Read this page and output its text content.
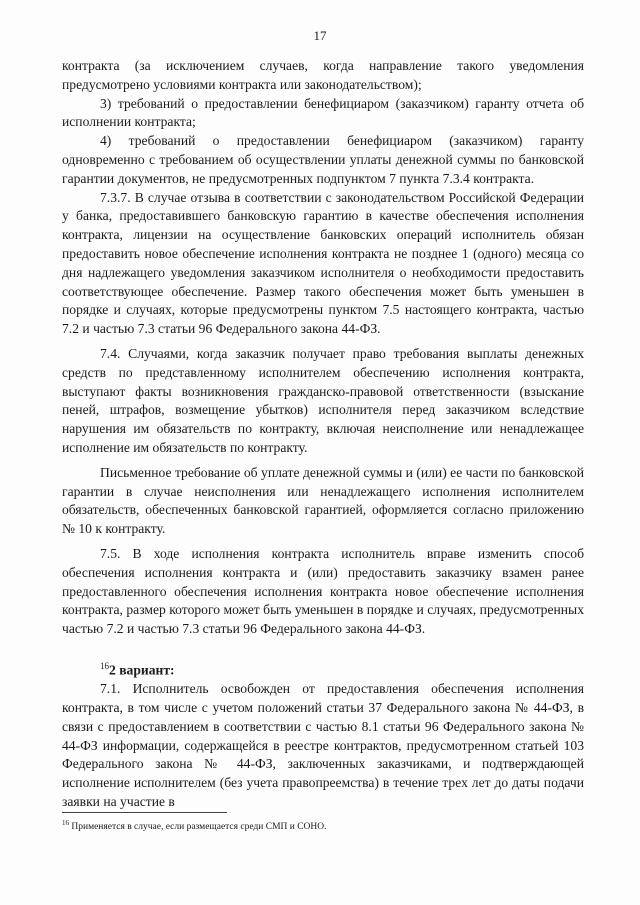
17

контракта (за исключением случаев, когда направление такого уведомления предусмотрено условиями контракта или законодательством);

3) требований о предоставлении бенефициаром (заказчиком) гаранту отчета об исполнении контракта;

4) требований о предоставлении бенефициаром (заказчиком) гаранту одновременно с требованием об осуществлении уплаты денежной суммы по банковской гарантии документов, не предусмотренных подпунктом 7 пункта 7.3.4 контракта.

7.3.7. В случае отзыва в соответствии с законодательством Российской Федерации у банка, предоставившего банковскую гарантию в качестве обеспечения исполнения контракта, лицензии на осуществление банковских операций исполнитель обязан предоставить новое обеспечение исполнения контракта не позднее 1 (одного) месяца со дня надлежащего уведомления заказчиком исполнителя о необходимости предоставить соответствующее обеспечение. Размер такого обеспечения может быть уменьшен в порядке и случаях, которые предусмотрены пунктом 7.5 настоящего контракта, частью 7.2 и частью 7.3 статьи 96 Федерального закона 44-ФЗ.

7.4. Случаями, когда заказчик получает право требования выплаты денежных средств по представленному исполнителем обеспечению исполнения контракта, выступают факты возникновения гражданско-правовой ответственности (взыскание пеней, штрафов, возмещение убытков) исполнителя перед заказчиком вследствие нарушения им обязательств по контракту, включая неисполнение или ненадлежащее исполнение им обязательств по контракту.

Письменное требование об уплате денежной суммы и (или) ее части по банковской гарантии в случае неисполнения или ненадлежащего исполнения исполнителем обязательств, обеспеченных банковской гарантией, оформляется согласно приложению № 10 к контракту.

7.5. В ходе исполнения контракта исполнитель вправе изменить способ обеспечения исполнения контракта и (или) предоставить заказчику взамен ранее предоставленного обеспечения исполнения контракта новое обеспечение исполнения контракта, размер которого может быть уменьшен в порядке и случаях, предусмотренных частью 7.2 и частью 7.3 статьи 96 Федерального закона 44-ФЗ.

$^{16}$2 вариант:

7.1. Исполнитель освобожден от предоставления обеспечения исполнения контракта, в том числе с учетом положений статьи 37 Федерального закона № 44-ФЗ, в связи с предоставлением в соответствии с частью 8.1 статьи 96 Федерального закона № 44-ФЗ информации, содержащейся в реестре контрактов, предусмотренном статьей 103 Федерального закона № 44-ФЗ, заключенных заказчиками, и подтверждающей исполнение исполнителем (без учета правопреемства) в течение трех лет до даты подачи заявки на участие в

$^{16}$ Применяется в случае, если размещается среди СМП и СОНО.
